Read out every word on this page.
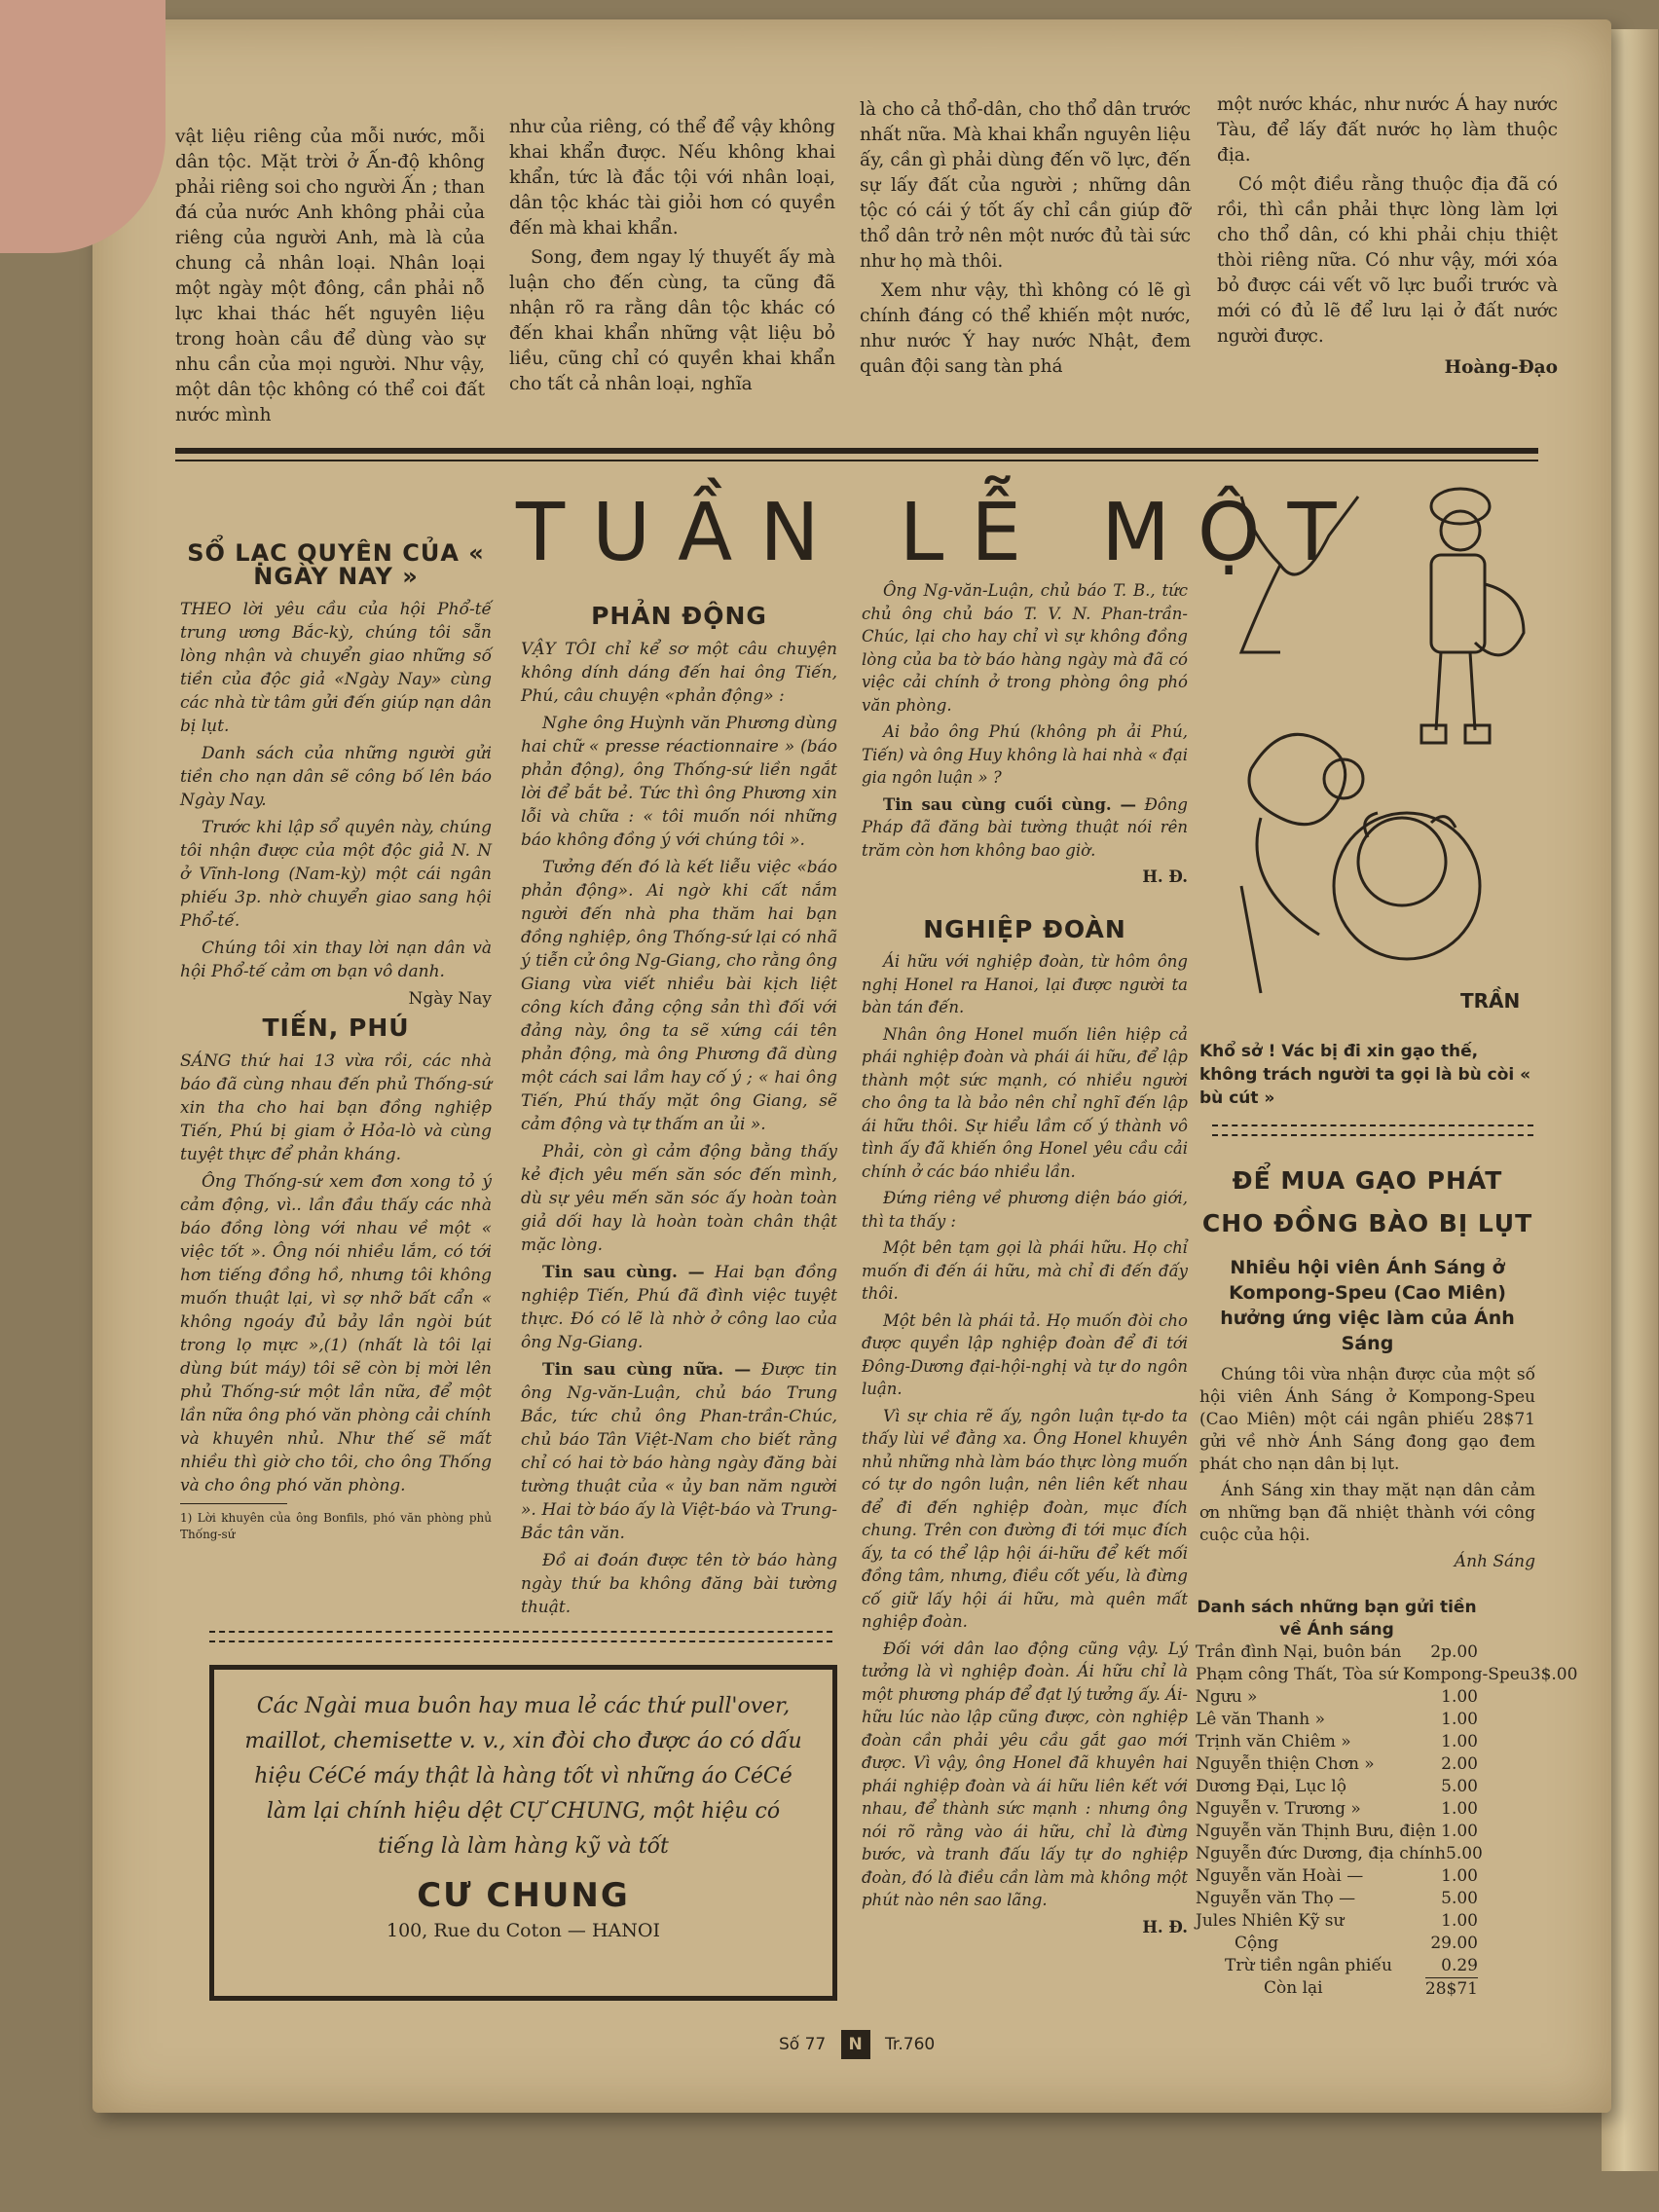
vật liệu riêng của mỗi nước, mỗi dân tộc. Mặt trời ở Ấn-độ không phải riêng soi cho người Ấn ; than đá của nước Anh không phải của riêng của người Anh, mà là của chung cả nhân loại. Nhân loại một ngày một đông, cần phải nỗ lực khai thác hết nguyên liệu trong hoàn cầu để dùng vào sự nhu cần của mọi người. Như vậy, một dân tộc không có thể coi đất nước mình

như của riêng, có thể để vậy không khai khẩn được. Nếu không khai khẩn, tức là đắc tội với nhân loại, dân tộc khác tài giỏi hơn có quyền đến mà khai khẩn.

Song, đem ngay lý thuyết ấy mà luận cho đến cùng, ta cũng đã nhận rõ ra rằng dân tộc khác có đến khai khẩn những vật liệu bỏ liều, cũng chỉ có quyền khai khẩn cho tất cả nhân loại, nghĩa

là cho cả thổ-dân, cho thổ dân trước nhất nữa. Mà khai khẩn nguyên liệu ấy, cần gì phải dùng đến võ lực, đến sự lấy đất của người ; những dân tộc có cái ý tốt ấy chỉ cần giúp đỡ thổ dân trở nên một nước đủ tài sức như họ mà thôi.

Xem như vậy, thì không có lẽ gì chính đáng có thể khiến một nước, như nước Ý hay nước Nhật, đem quân đội sang tàn phá

một nước khác, như nước Á hay nước Tàu, để lấy đất nước họ làm thuộc địa.

Có một điều rằng thuộc địa đã có rồi, thì cần phải thực lòng làm lợi cho thổ dân, có khi phải chịu thiệt thòi riêng nữa. Có như vậy, mới xóa bỏ được cái vết võ lực buổi trước và mới có đủ lẽ để lưu lại ở đất nước người được.

Hoàng-Đạo
TUẦN LỄ MỘT
SỔ LẠC QUYÊN CỦA « NGÀY NAY »

THEO lời yêu cầu của hội Phổ-tế trung ương Bắc-kỳ, chúng tôi sẵn lòng nhận và chuyển giao những số tiền của độc giả «Ngày Nay» cùng các nhà từ tâm gửi đến giúp nạn dân bị lụt.

Danh sách của những người gửi tiền cho nạn dân sẽ công bố lên báo Ngày Nay.

Trước khi lập sổ quyên này, chúng tôi nhận được của một độc giả N. N ở Vĩnh-long (Nam-kỳ) một cái ngân phiếu 3p. nhờ chuyển giao sang hội Phổ-tế.

Chúng tôi xin thay lời nạn dân và hội Phổ-tế cảm ơn bạn vô danh.

Ngày Nay
TIẾN, PHÚ

SÁNG thứ hai 13 vừa rồi, các nhà báo đã cùng nhau đến phủ Thống-sứ xin tha cho hai bạn đồng nghiệp Tiến, Phú bị giam ở Hỏa-lò và cùng tuyệt thực để phản kháng.

Ông Thống-sứ xem đơn xong tỏ ý cảm động, vì.. lần đầu thấy các nhà báo đồng lòng với nhau về một « việc tốt ». Ông nói nhiều lắm, có tới hơn tiếng đồng hồ, nhưng tôi không muốn thuật lại, vì sợ nhỡ bất cẩn « không ngoáy đủ bảy lần ngòi bút trong lọ mực »,(1) (nhất là tôi lại dùng bút máy) tôi sẽ còn bị mời lên phủ Thống-sứ một lần nữa, để một lần nữa ông phó văn phòng cải chính và khuyên nhủ. Như thế sẽ mất nhiều thì giờ cho tôi, cho ông Thống và cho ông phó văn phòng.

1) Lời khuyên của ông Bonfils, phó văn phòng phủ Thống-sứ
PHẢN ĐỘNG

VẬY TÔI chỉ kể sơ một câu chuyện không dính dáng đến hai ông Tiến, Phú, câu chuyện «phản động» :

Nghe ông Huỳnh văn Phương dùng hai chữ « presse réactionnaire » (báo phản động), ông Thống-sứ liền ngắt lời để bắt bẻ. Tức thì ông Phương xin lỗi và chữa : « tôi muốn nói những báo không đồng ý với chúng tôi ».

Tưởng đến đó là kết liễu việc «báo phản động». Ai ngờ khi cất nắm người đến nhà pha thăm hai bạn đồng nghiệp, ông Thống-sứ lại có nhã ý tiễn cử ông Ng-Giang, cho rằng ông Giang vừa viết nhiều bài kịch liệt công kích đảng cộng sản thì đối với đảng này, ông ta sẽ xứng cái tên phản động, mà ông Phương đã dùng một cách sai lầm hay cố ý ; « hai ông Tiến, Phú thấy mặt ông Giang, sẽ cảm động và tự thấm an ủi ».

Phải, còn gì cảm động bằng thấy kẻ địch yêu mến săn sóc đến mình, dù sự yêu mến săn sóc ấy hoàn toàn giả dối hay là hoàn toàn chân thật mặc lòng.

Tin sau cùng. — Hai bạn đồng nghiệp Tiến, Phú đã đình việc tuyệt thực. Đó có lẽ là nhờ ở công lao của ông Ng-Giang.

Tin sau cùng nữa. — Được tin ông Ng-văn-Luận, chủ báo Trung Bắc, tức chủ ông Phan-trần-Chúc, chủ báo Tân Việt-Nam cho biết rằng chỉ có hai tờ báo hàng ngày đăng bài tường thuật của « ủy ban năm người ». Hai tờ báo ấy là Việt-báo và Trung-Bắc tân văn.

Đồ ai đoán được tên tờ báo hàng ngày thứ ba không đăng bài tường thuật.

Ông Ng-văn-Luận, chủ báo T. B., tức chủ ông chủ báo T. V. N. Phan-trần-Chúc, lại cho hay chỉ vì sự không đồng lòng của ba tờ báo hàng ngày mà đã có việc cải chính ở trong phòng ông phó văn phòng.

Ai bảo ông Phú (không ph ải Phú, Tiến) và ông Huy không là hai nhà « đại gia ngôn luận » ?

Tin sau cùng cuối cùng. — Đông Pháp đã đăng bài tường thuật nói rên trăm còn hơn không bao giờ.

H. Đ.
NGHIỆP ĐOÀN

Ái hữu với nghiệp đoàn, từ hôm ông nghị Honel ra Hanoi, lại được người ta bàn tán đến.

Nhân ông Honel muốn liên hiệp cả phái nghiệp đoàn và phái ái hữu, để lập thành một sức mạnh, có nhiều người cho ông ta là bảo nên chỉ nghĩ đến lập ái hữu thôi. Sự hiểu lầm cố ý thành vô tình ấy đã khiến ông Honel yêu cầu cải chính ở các báo nhiều lần.

Đứng riêng về phương diện báo giới, thì ta thấy :

Một bên tạm gọi là phái hữu. Họ chỉ muốn đi đến ái hữu, mà chỉ đi đến đấy thôi.

Một bên là phái tả. Họ muốn đòi cho được quyền lập nghiệp đoàn để đi tới Đông-Dương đại-hội-nghị và tự do ngôn luận.

Vì sự chia rẽ ấy, ngôn luận tự-do ta thấy lùi về đằng xa. Ông Honel khuyên nhủ những nhà làm báo thực lòng muốn có tự do ngôn luận, nên liên kết nhau để đi đến nghiệp đoàn, mục đích chung. Trên con đường đi tới mục đích ấy, ta có thể lập hội ái-hữu để kết mối đồng tâm, nhưng, điều cốt yếu, là đừng cố giữ lấy hội ái hữu, mà quên mất nghiệp đoàn.

Đối với dân lao động cũng vậy. Lý tưởng là vì nghiệp đoàn. Ái hữu chỉ là một phương pháp để đạt lý tưởng ấy. Ái-hữu lúc nào lập cũng được, còn nghiệp đoàn cần phải yêu cầu gắt gao mới được. Vì vậy, ông Honel đã khuyên hai phái nghiệp đoàn và ái hữu liên kết với nhau, để thành sức mạnh : nhưng ông nói rõ rằng vào ái hữu, chỉ là đừng bước, và tranh đấu lấy tự do nghiệp đoàn, đó là điều cần làm mà không một phút nào nên sao lãng.

H. Đ.
TRẦN
Khổ sở ! Vác bị đi xin gạo thế, không trách người ta gọi là bù còi « bù cút »
ĐỂ MUA GẠO PHÁT CHO ĐỒNG BÀO BỊ LỤT
Nhiều hội viên Ánh Sáng ở Kompong-Speu (Cao Miên) hưởng ứng việc làm của Ánh Sáng

Chúng tôi vừa nhận được của một số hội viên Ánh Sáng ở Kompong-Speu (Cao Miên) một cái ngân phiếu 28$71 gửi về nhờ Ánh Sáng đong gạo đem phát cho nạn dân bị lụt.

Ánh Sáng xin thay mặt nạn dân cảm ơn những bạn đã nhiệt thành với công cuộc của hội.

Ánh Sáng
Danh sách những bạn gửi tiền về Ánh sáng
Trần đình Nại, buôn bán 2p.00
Phạm công Thất, Tòa sứ Kompong-Speu 3$.00
Ngưu »	1.00
Lê văn Thanh »	1.00
Trịnh văn Chiêm »	1.00
Nguyễn thiện Chơn »	2.00
Dương Đại, Lục lộ	5.00
Nguyễn v. Trương »	1.00
Nguyễn văn Thịnh Bưu, điện 1.00
Nguyễn đức Dương, địa chính 5.00
Nguyễn văn Hoài —	1.00
Nguyễn văn Thọ —	5.00
Jules Nhiên Kỹ sư	1.00
Cộng	29.00
Trừ tiền ngân phiếu	0.29
Còn lại	28$71
Các Ngài mua buôn hay mua lẻ các thứ pull'over, maillot, chemisette v. v., xin đòi cho được áo có dấu hiệu CéCé máy thật là hàng tốt vì những áo CéCé làm lại chính hiệu dệt CỰ CHUNG, một hiệu có tiếng là làm hàng kỹ và tốt
CƯ CHUNG
100, Rue du Coton — HANOI
Số 77 N Tr.760
